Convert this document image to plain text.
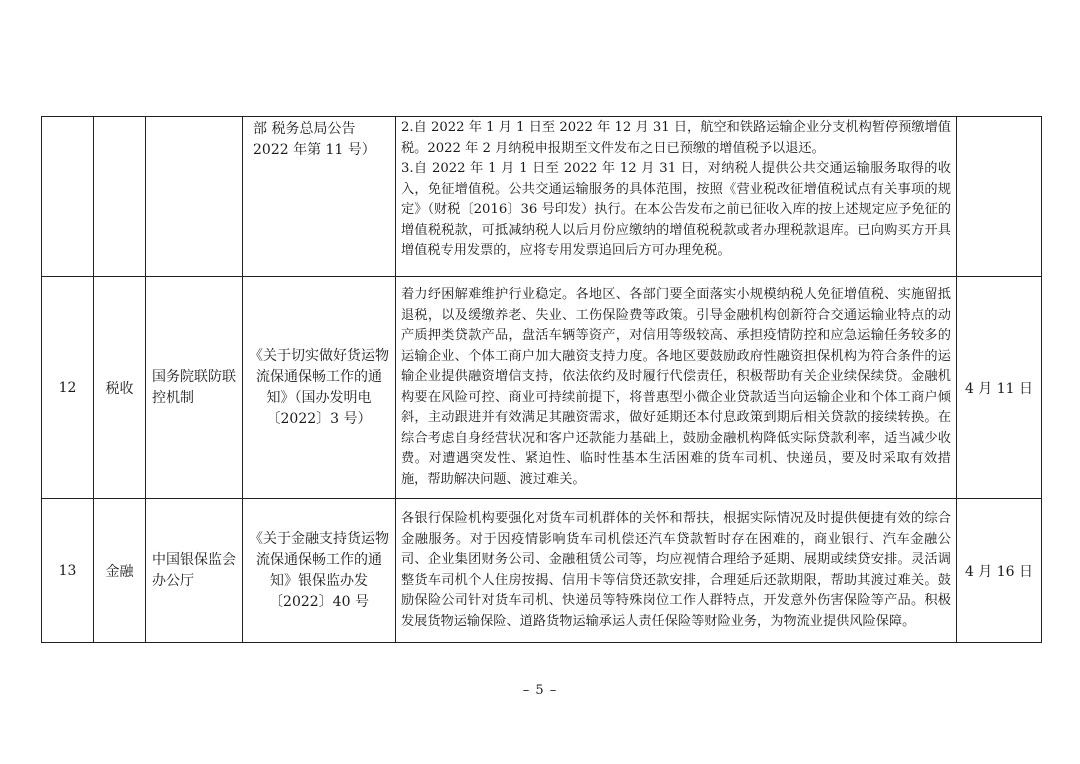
			部 税务总局公告2022 年第 11 号）	2.自 2022 年 1 月 1 日至 2022 年 12 月 31 日，航空和铁路运输企业分支机构暂停预缴增值税。2022 年 2 月纳税申报期至文件发布之日已预缴的增值税予以退还。
3.自 2022 年 1 月 1 日至 2022 年 12 月 31 日，对纳税人提供公共交通运输服务取得的收入，免征增值税。公共交通运输服务的具体范围，按照《营业税改征增值税试点有关事项的规定》（财税〔2016〕36 号印发）执行。在本公告发布之前已征收入库的按上述规定应予免征的增值税税款，可抵减纳税人以后月份应缴纳的增值税税款或者办理税款退库。已向购买方开具增值税专用发票的，应将专用发票追回后方可办理免税。	

12	税收	国务院联防联控机制	《关于切实做好货运物流保通保畅工作的通知》（国办发明电〔2022〕3 号）	着力纾困解难维护行业稳定。各地区、各部门要全面落实小规模纳税人免征增值税、实施留抵退税，以及缓缴养老、失业、工伤保险费等政策。引导金融机构创新符合交通运输业特点的动产质押类贷款产品，盘活车辆等资产，对信用等级较高、承担疫情防控和应急运输任务较多的运输企业、个体工商户加大融资支持力度。各地区要鼓励政府性融资担保机构为符合条件的运输企业提供融资增信支持，依法依约及时履行代偿责任，积极帮助有关企业续保续贷。金融机构要在风险可控、商业可持续前提下，将普惠型小微企业贷款适当向运输企业和个体工商户倾斜，主动跟进并有效满足其融资需求，做好延期还本付息政策到期后相关贷款的接续转换。在综合考虑自身经营状况和客户还款能力基础上，鼓励金融机构降低实际贷款利率，适当减少收费。对遭遇突发性、紧迫性、临时性基本生活困难的货车司机、快递员，要及时采取有效措施，帮助解决问题、渡过难关。	4 月 11 日
13	金融	中国银保监会办公厅	《关于金融支持货运物流保通保畅工作的通知》银保监办发〔2022〕40 号	各银行保险机构要强化对货车司机群体的关怀和帮扶，根据实际情况及时提供便捷有效的综合金融服务。对于因疫情影响货车司机偿还汽车贷款暂时存在困难的，商业银行、汽车金融公司、企业集团财务公司、金融租赁公司等，均应视情合理给予延期、展期或续贷安排。灵活调整货车司机个人住房按揭、信用卡等信贷还款安排，合理延后还款期限，帮助其渡过难关。鼓励保险公司针对货车司机、快递员等特殊岗位工作人群特点，开发意外伤害保险等产品。积极发展货物运输保险、道路货物运输承运人责任保险等财险业务，为物流业提供风险保障。	4 月 16 日
– 5 –
